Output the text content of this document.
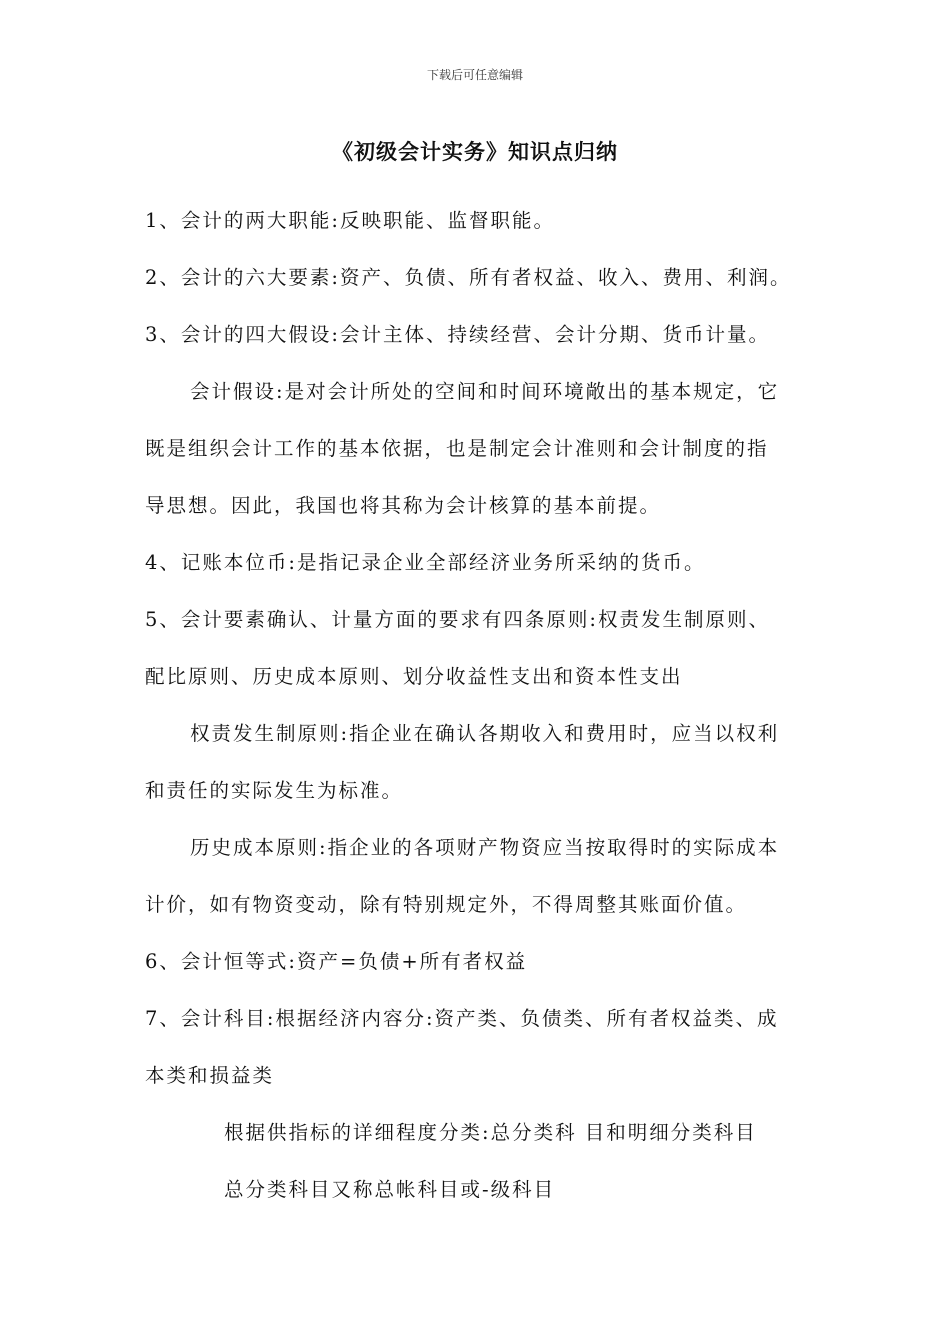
下载后可任意编辑
《初级会计实务》知识点归纳
1、会计的两大职能:反映职能、监督职能。
2、会计的六大要素:资产、负债、所有者权益、收入、费用、利润。
3、会计的四大假设:会计主体、持续经营、会计分期、货币计量。
会计假设:是对会计所处的空间和时间环境敞出的基本规定，它
既是组织会计工作的基本依据，也是制定会计准则和会计制度的指
导思想。因此，我国也将其称为会计核算的基本前提。
4、记账本位币:是指记录企业全部经济业务所采纳的货币。
5、会计要素确认、计量方面的要求有四条原则:权责发生制原则、
配比原则、历史成本原则、划分收益性支出和资本性支出
权责发生制原则:指企业在确认各期收入和费用时，应当以权利
和责任的实际发生为标准。
历史成本原则:指企业的各项财产物资应当按取得时的实际成本
计价，如有物资变动，除有特别规定外，不得周整其账面价值。
6、会计恒等式:资产=负债+所有者权益
7、会计科目:根据经济内容分:资产类、负债类、所有者权益类、成
本类和损益类
根据供指标的详细程度分类:总分类科 目和明细分类科目
总分类科目又称总帐科目或-级科目
